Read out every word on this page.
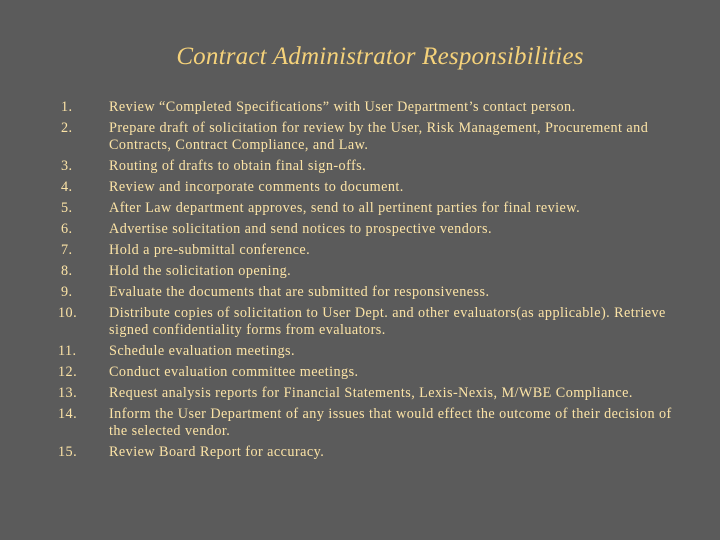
Contract Administrator Responsibilities
1.	Review “Completed Specifications” with User Department’s contact person.
2.	Prepare draft of solicitation for review by the User, Risk Management, Procurement and Contracts, Contract Compliance, and Law.
3.	Routing of drafts to obtain final sign-offs.
4.	Review and incorporate comments to document.
5.	After Law department approves, send to all pertinent parties for final review.
6.	Advertise solicitation and send notices to prospective vendors.
7.	Hold a pre-submittal conference.
8.	Hold the solicitation opening.
9.	Evaluate the documents that are submitted for responsiveness.
10.	Distribute copies of solicitation to User Dept. and other evaluators(as applicable). Retrieve signed confidentiality forms from evaluators.
11.	Schedule evaluation meetings.
12.	Conduct evaluation committee meetings.
13.	Request analysis reports for Financial Statements, Lexis-Nexis, M/WBE Compliance.
14.	Inform the User Department of any issues that would effect the outcome of their decision of the selected vendor.
15.	Review Board Report for accuracy.
